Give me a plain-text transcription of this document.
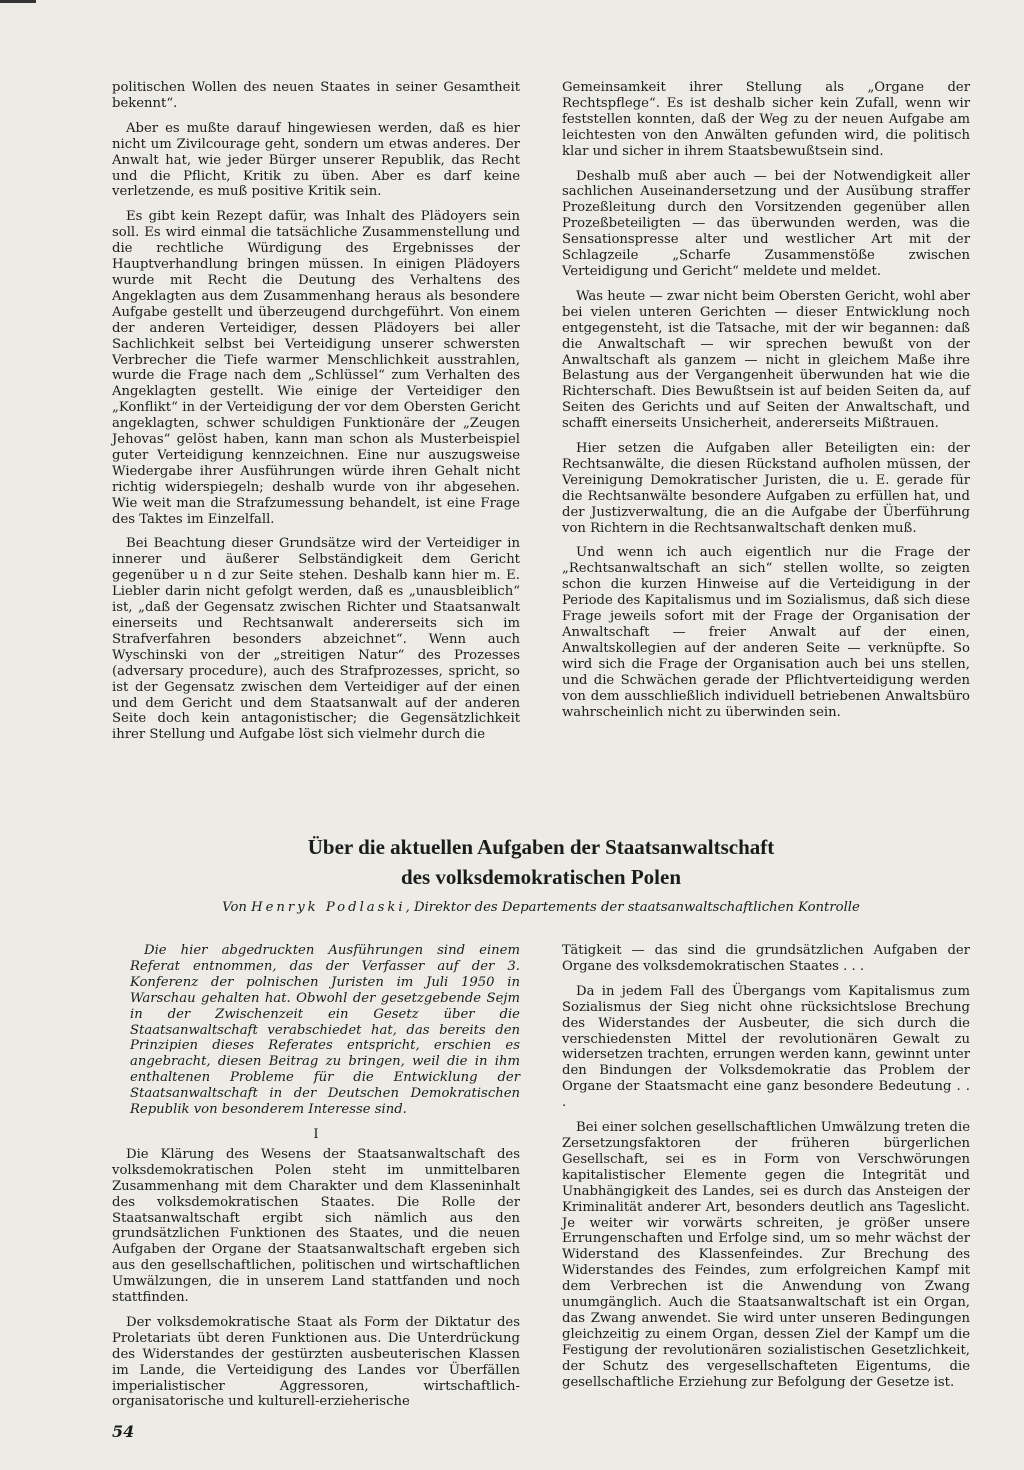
politischen Wollen des neuen Staates in seiner Gesamtheit bekennt“.

Aber es mußte darauf hingewiesen werden, daß es hier nicht um Zivilcourage geht, sondern um etwas anderes. Der Anwalt hat, wie jeder Bürger unserer Republik, das Recht und die Pflicht, Kritik zu üben. Aber es darf keine verletzende, es muß positive Kritik sein.

Es gibt kein Rezept dafür, was Inhalt des Plädoyers sein soll. Es wird einmal die tatsächliche Zusammenstellung und die rechtliche Würdigung des Ergebnisses der Hauptverhandlung bringen müssen. In einigen Plädoyers wurde mit Recht die Deutung des Verhaltens des Angeklagten aus dem Zusammenhang heraus als besondere Aufgabe gestellt und überzeugend durchgeführt. Von einem der anderen Verteidiger, dessen Plädoyers bei aller Sachlichkeit selbst bei Verteidigung unserer schwersten Verbrecher die Tiefe warmer Menschlichkeit ausstrahlen, wurde die Frage nach dem „Schlüssel“ zum Verhalten des Angeklagten gestellt. Wie einige der Verteidiger den „Konflikt“ in der Verteidigung der vor dem Obersten Gericht angeklagten, schwer schuldigen Funktionäre der „Zeugen Jehovas“ gelöst haben, kann man schon als Musterbeispiel guter Verteidigung kennzeichnen. Eine nur auszugsweise Wiedergabe ihrer Ausführungen würde ihren Gehalt nicht richtig widerspiegeln; deshalb wurde von ihr abgesehen. Wie weit man die Strafzumessung behandelt, ist eine Frage des Taktes im Einzelfall.

Bei Beachtung dieser Grundsätze wird der Verteidiger in innerer und äußerer Selbständigkeit dem Gericht gegenüber u n d zur Seite stehen. Deshalb kann hier m. E. Liebler darin nicht gefolgt werden, daß es „unausbleiblich“ ist, „daß der Gegensatz zwischen Richter und Staatsanwalt einerseits und Rechtsanwalt andererseits sich im Strafverfahren besonders abzeichnet“. Wenn auch Wyschinski von der „streitigen Natur“ des Prozesses (adversary procedure), auch des Strafprozesses, spricht, so ist der Gegensatz zwischen dem Verteidiger auf der einen und dem Gericht und dem Staatsanwalt auf der anderen Seite doch kein antagonistischer; die Gegensätzlichkeit ihrer Stellung und Aufgabe löst sich vielmehr durch die

Gemeinsamkeit ihrer Stellung als „Organe der Rechtspflege“. Es ist deshalb sicher kein Zufall, wenn wir feststellen konnten, daß der Weg zu der neuen Aufgabe am leichtesten von den Anwälten gefunden wird, die politisch klar und sicher in ihrem Staatsbewußtsein sind.

Deshalb muß aber auch — bei der Notwendigkeit aller sachlichen Auseinandersetzung und der Ausübung straffer Prozeßleitung durch den Vorsitzenden gegenüber allen Prozeßbeteiligten — das überwunden werden, was die Sensationspresse alter und westlicher Art mit der Schlagzeile „Scharfe Zusammenstöße zwischen Verteidigung und Gericht“ meldete und meldet.

Was heute — zwar nicht beim Obersten Gericht, wohl aber bei vielen unteren Gerichten — dieser Entwicklung noch entgegensteht, ist die Tatsache, mit der wir begannen: daß die Anwaltschaft — wir sprechen bewußt von der Anwaltschaft als ganzem — nicht in gleichem Maße ihre Belastung aus der Vergangenheit überwunden hat wie die Richterschaft. Dies Bewußtsein ist auf beiden Seiten da, auf Seiten des Gerichts und auf Seiten der Anwaltschaft, und schafft einerseits Unsicherheit, andererseits Mißtrauen.

Hier setzen die Aufgaben aller Beteiligten ein: der Rechtsanwälte, die diesen Rückstand aufholen müssen, der Vereinigung Demokratischer Juristen, die u. E. gerade für die Rechtsanwälte besondere Aufgaben zu erfüllen hat, und der Justizverwaltung, die an die Aufgabe der Überführung von Richtern in die Rechtsanwaltschaft denken muß.

Und wenn ich auch eigentlich nur die Frage der „Rechtsanwaltschaft an sich“ stellen wollte, so zeigten schon die kurzen Hinweise auf die Verteidigung in der Periode des Kapitalismus und im Sozialismus, daß sich diese Frage jeweils sofort mit der Frage der Organisation der Anwaltschaft — freier Anwalt auf der einen, Anwaltskollegien auf der anderen Seite — verknüpfte. So wird sich die Frage der Organisation auch bei uns stellen, und die Schwächen gerade der Pflichtverteidigung werden von dem ausschließlich individuell betriebenen Anwaltsbüro wahrscheinlich nicht zu überwinden sein.

Über die aktuellen Aufgaben der Staatsanwaltschaft
des volksdemokratischen Polen
Von Henryk Podlaski, Direktor des Departements der staatsanwaltschaftlichen Kontrolle

Die hier abgedruckten Ausführungen sind einem Referat entnommen, das der Verfasser auf der 3. Konferenz der polnischen Juristen im Juli 1950 in Warschau gehalten hat. Obwohl der gesetzgebende Sejm in der Zwischenzeit ein Gesetz über die Staatsanwaltschaft verabschiedet hat, das bereits den Prinzipien dieses Referates entspricht, erschien es angebracht, diesen Beitrag zu bringen, weil die in ihm enthaltenen Probleme für die Entwicklung der Staatsanwaltschaft in der Deutschen Demokratischen Republik von besonderem Interesse sind.

I

Die Klärung des Wesens der Staatsanwaltschaft des volksdemokratischen Polen steht im unmittelbaren Zusammenhang mit dem Charakter und dem Klasseninhalt des volksdemokratischen Staates. Die Rolle der Staatsanwaltschaft ergibt sich nämlich aus den grundsätzlichen Funktionen des Staates, und die neuen Aufgaben der Organe der Staatsanwaltschaft ergeben sich aus den gesellschaftlichen, politischen und wirtschaftlichen Umwälzungen, die in unserem Land stattfanden und noch stattfinden.

Der volksdemokratische Staat als Form der Diktatur des Proletariats übt deren Funktionen aus. Die Unterdrückung des Widerstandes der gestürzten ausbeuterischen Klassen im Lande, die Verteidigung des Landes vor Überfällen imperialistischer Aggressoren, wirtschaftlich-organisatorische und kulturell-erzieherische

Tätigkeit — das sind die grundsätzlichen Aufgaben der Organe des volksdemokratischen Staates . . .

Da in jedem Fall des Übergangs vom Kapitalismus zum Sozialismus der Sieg nicht ohne rücksichtslose Brechung des Widerstandes der Ausbeuter, die sich durch die verschiedensten Mittel der revolutionären Gewalt zu widersetzen trachten, errungen werden kann, gewinnt unter den Bindungen der Volksdemokratie das Problem der Organe der Staatsmacht eine ganz besondere Bedeutung . . .

Bei einer solchen gesellschaftlichen Umwälzung treten die Zersetzungsfaktoren der früheren bürgerlichen Gesellschaft, sei es in Form von Verschwörungen kapitalistischer Elemente gegen die Integrität und Unabhängigkeit des Landes, sei es durch das Ansteigen der Kriminalität anderer Art, besonders deutlich ans Tageslicht. Je weiter wir vorwärts schreiten, je größer unsere Errungenschaften und Erfolge sind, um so mehr wächst der Widerstand des Klassenfeindes. Zur Brechung des Widerstandes des Feindes, zum erfolgreichen Kampf mit dem Verbrechen ist die Anwendung von Zwang unumgänglich. Auch die Staatsanwaltschaft ist ein Organ, das Zwang anwendet. Sie wird unter unseren Bedingungen gleichzeitig zu einem Organ, dessen Ziel der Kampf um die Festigung der revolutionären sozialistischen Gesetzlichkeit, der Schutz des vergesellschafteten Eigentums, die gesellschaftliche Erziehung zur Befolgung der Gesetze ist.

54
